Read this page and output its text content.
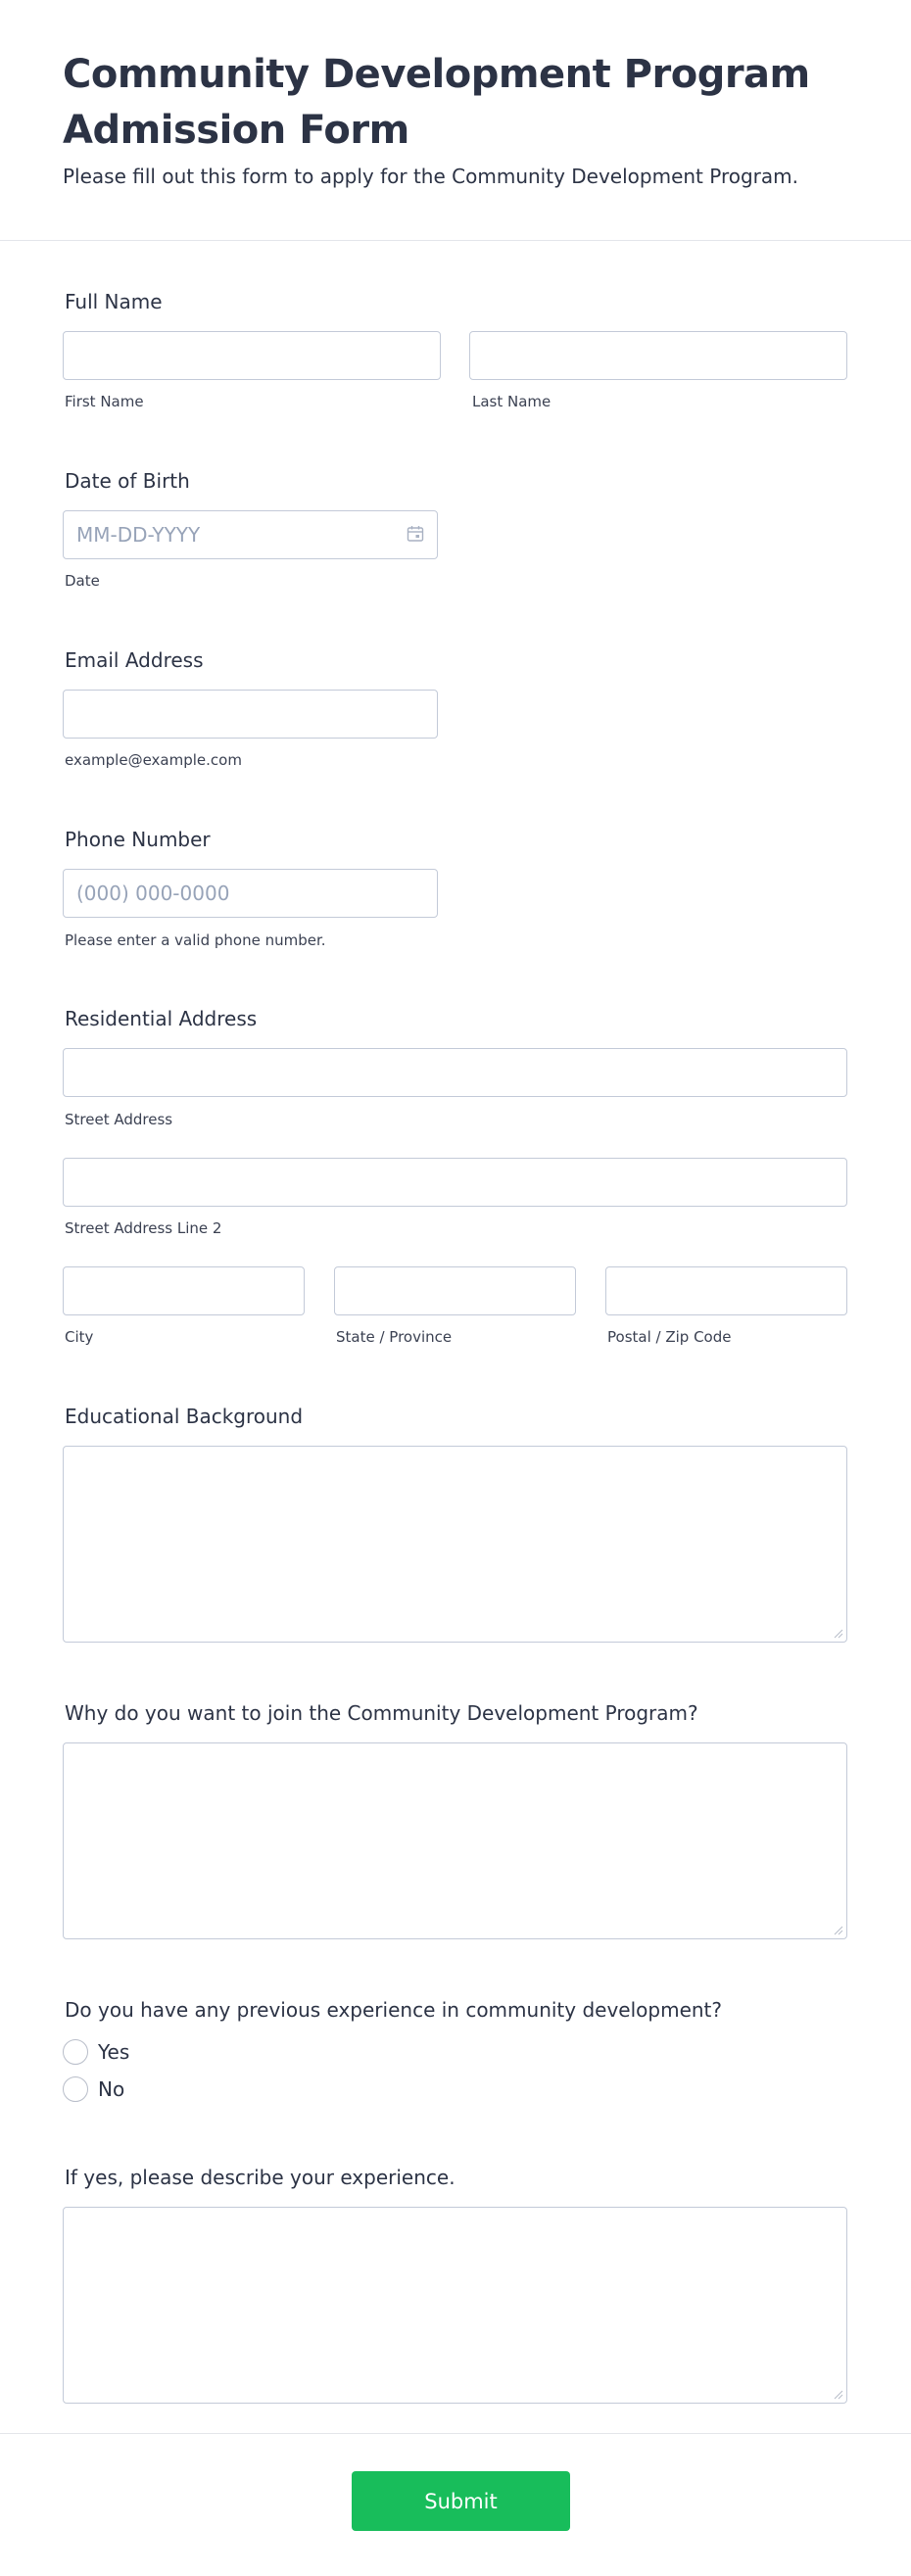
Community Development Program Admission Form
Please fill out this form to apply for the Community Development Program.
Full Name
First Name	Last Name
Date of Birth
MM-DD-YYYY
Date
Email Address
example@example.com
Phone Number
(000) 000-0000
Please enter a valid phone number.
Residential Address
Street Address
Street Address Line 2
City	State / Province	Postal / Zip Code
Educational Background
Why do you want to join the Community Development Program?
Do you have any previous experience in community development?
Yes
No
If yes, please describe your experience.
Submit
